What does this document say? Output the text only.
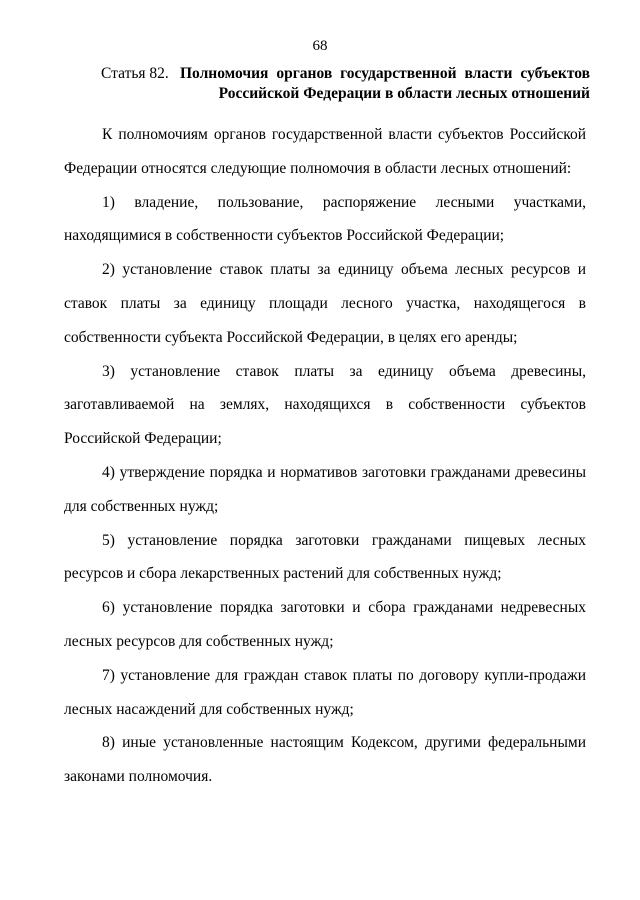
68
Статья 82. Полномочия органов государственной власти субъектов Российской Федерации в области лесных отношений

К полномочиям органов государственной власти субъектов Российской Федерации относятся следующие полномочия в области лесных отношений:

1) владение, пользование, распоряжение лесными участками, находящимися в собственности субъектов Российской Федерации;

2) установление ставок платы за единицу объема лесных ресурсов и ставок платы за единицу площади лесного участка, находящегося в собственности субъекта Российской Федерации, в целях его аренды;

3) установление ставок платы за единицу объема древесины, заготавливаемой на землях, находящихся в собственности субъектов Российской Федерации;

4) утверждение порядка и нормативов заготовки гражданами древесины для собственных нужд;

5) установление порядка заготовки гражданами пищевых лесных ресурсов и сбора лекарственных растений для собственных нужд;

6) установление порядка заготовки и сбора гражданами недревесных лесных ресурсов для собственных нужд;

7) установление для граждан ставок платы по договору купли-продажи лесных насаждений для собственных нужд;

8) иные установленные настоящим Кодексом, другими федеральными законами полномочия.
